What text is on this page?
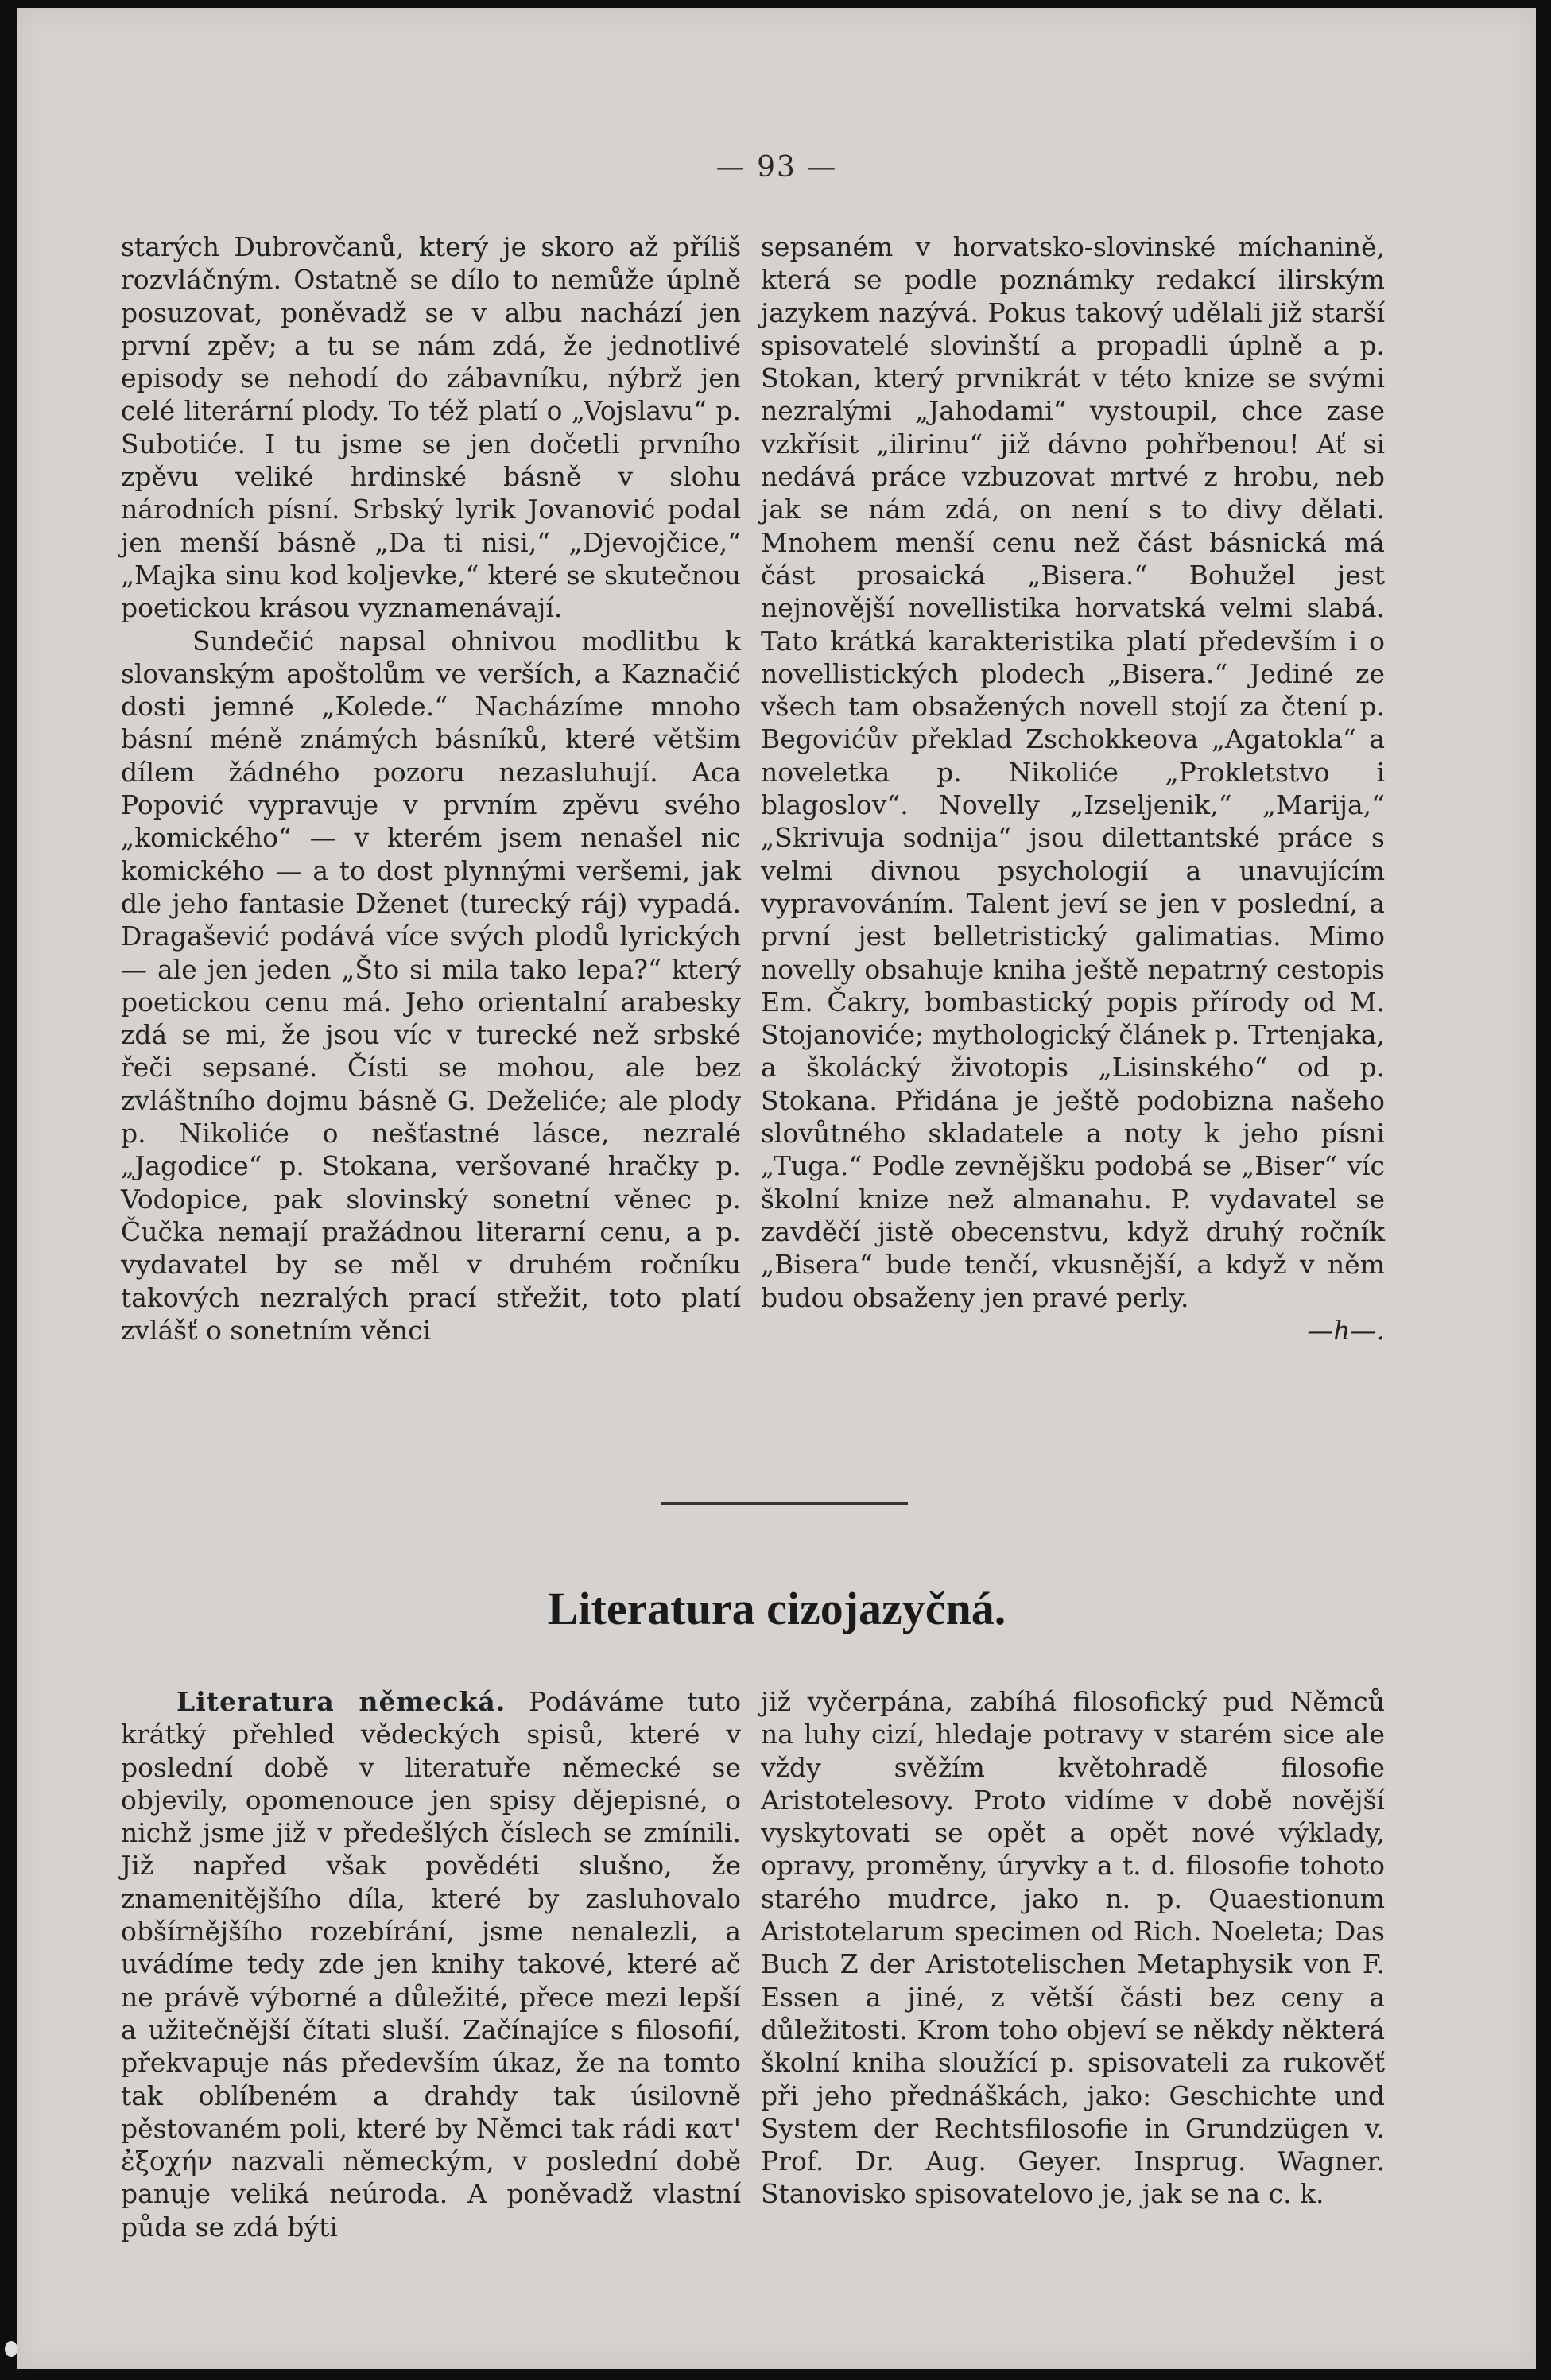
— 93 —

starých Dubrovčanů, který je skoro až příliš rozvláčným. Ostatně se dílo to nemůže úplně posuzovat, poněvadž se v albu nachází jen první zpěv; a tu se nám zdá, že jednotlivé episody se nehodí do zábavníku, nýbrž jen celé literární plody. To též platí o „Vojslavu“ p. Subotiće. I tu jsme se jen dočetli prvního zpěvu veliké hrdinské básně v slohu národních písní. Srbský lyrik Jovanović podal jen menší básně „Da ti nisi,“ „Djevojčice,“ „Majka sinu kod koljevke,“ které se skutečnou poetickou krásou vyznamenávají.

Sundečić napsal ohnivou modlitbu k slovanským apoštolům ve verších, a Kaznačić dosti jemné „Kolede.“ Nacházíme mnoho básní méně známých básníků, které většim dílem žádného pozoru nezasluhují. Aca Popović vypravuje v prvním zpěvu svého „komického“ — v kterém jsem nenašel nic komického — a to dost plynnými veršemi, jak dle jeho fantasie Dženet (turecký ráj) vypadá. Dragašević podává více svých plodů lyrických — ale jen jeden „Što si mila tako lepa?“ který poetickou cenu má. Jeho orientalní arabesky zdá se mi, že jsou víc v turecké než srbské řeči sepsané. Čísti se mohou, ale bez zvláštního dojmu básně G. Deželiće; ale plody p. Nikoliće o nešťastné lásce, nezralé „Jagodice“ p. Stokana, veršované hračky p. Vodopice, pak slovinský sonetní věnec p. Čučka nemají pražádnou literarní cenu, a p. vydavatel by se měl v druhém ročníku takových nezralých prací střežit, toto platí zvlášť o sonetním věnci

sepsaném v horvatsko-slovinské míchanině, která se podle poznámky redakcí ilirským jazykem nazývá. Pokus takový udělali již starší spisovatelé slovinští a propadli úplně a p. Stokan, který prvnikrát v této knize se svými nezralými „Jahodami“ vystoupil, chce zase vzkřísit „ilirinu“ již dávno pohřbenou! Ať si nedává práce vzbuzovat mrtvé z hrobu, neb jak se nám zdá, on není s to divy dělati. Mnohem menší cenu než část básnická má část prosaická „Bisera.“ Bohužel jest nejnovější novellistika horvatská velmi slabá. Tato krátká karakteristika platí především i o novellistických plodech „Bisera.“ Jediné ze všech tam obsažených novell stojí za čtení p. Begovićův překlad Zschokkeova „Agatokla“ a noveletka p. Nikoliće „Prokletstvo i blagoslov“. Novelly „Izseljenik,“ „Marija,“ „Skrivuja sodnija“ jsou dilettantské práce s velmi divnou psychologií a unavujícím vypravováním. Talent jeví se jen v poslední, a první jest belletristický galimatias. Mimo novelly obsahuje kniha ještě nepatrný cestopis Em. Čakry, bombastický popis přírody od M. Stojanoviće; mythologický článek p. Trtenjaka, a školácký životopis „Lisinského“ od p. Stokana. Přidána je ještě podobizna našeho slovůtného skladatele a noty k jeho písni „Tuga.“ Podle zevnějšku podobá se „Biser“ víc školní knize než almanahu. P. vydavatel se zavděčí jistě obecenstvu, když druhý ročník „Bisera“ bude tenčí, vkusnější, a když v něm budou obsaženy jen pravé perly.
—h—.

Literatura cizojazyčná.

Literatura německá. Podáváme tuto krátký přehled vědeckých spisů, které v poslední době v literatuře německé se objevily, opomenouce jen spisy dějepisné, o nichž jsme již v předešlých číslech se zmínili. Již napřed však povědéti slušno, že znamenitějšího díla, které by zasluhovalo obšírnějšího rozebírání, jsme nenalezli, a uvádíme tedy zde jen knihy takové, které ač ne právě výborné a důležité, přece mezi lepší a užitečnější čítati sluší. Začínajíce s filosofií, překvapuje nás především úkaz, že na tomto tak oblíbeném a drahdy tak úsilovně pěstovaném poli, které by Němci tak rádi κατ' ἐξοχήν nazvali německým, v poslední době panuje veliká neúroda. A poněvadž vlastní půda se zdá býti

již vyčerpána, zabíhá filosofický pud Němců na luhy cizí, hledaje potravy v starém sice ale vždy svěžím květohradě filosofie Aristotelesovy. Proto vidíme v době novější vyskytovati se opět a opět nové výklady, opravy, proměny, úryvky a t. d. filosofie tohoto starého mudrce, jako n. p. Quaestionum Aristotelarum specimen od Rich. Noeleta; Das Buch Z der Aristotelischen Metaphysik von F. Essen a jiné, z větší části bez ceny a důležitosti. Krom toho objeví se někdy některá školní kniha sloužící p. spisovateli za rukověť při jeho přednáškách, jako: Geschichte und System der Rechtsfilosofie in Grundzügen v. Prof. Dr. Aug. Geyer. Insprug. Wagner. Stanovisko spisovatelovo je, jak se na c. k.
